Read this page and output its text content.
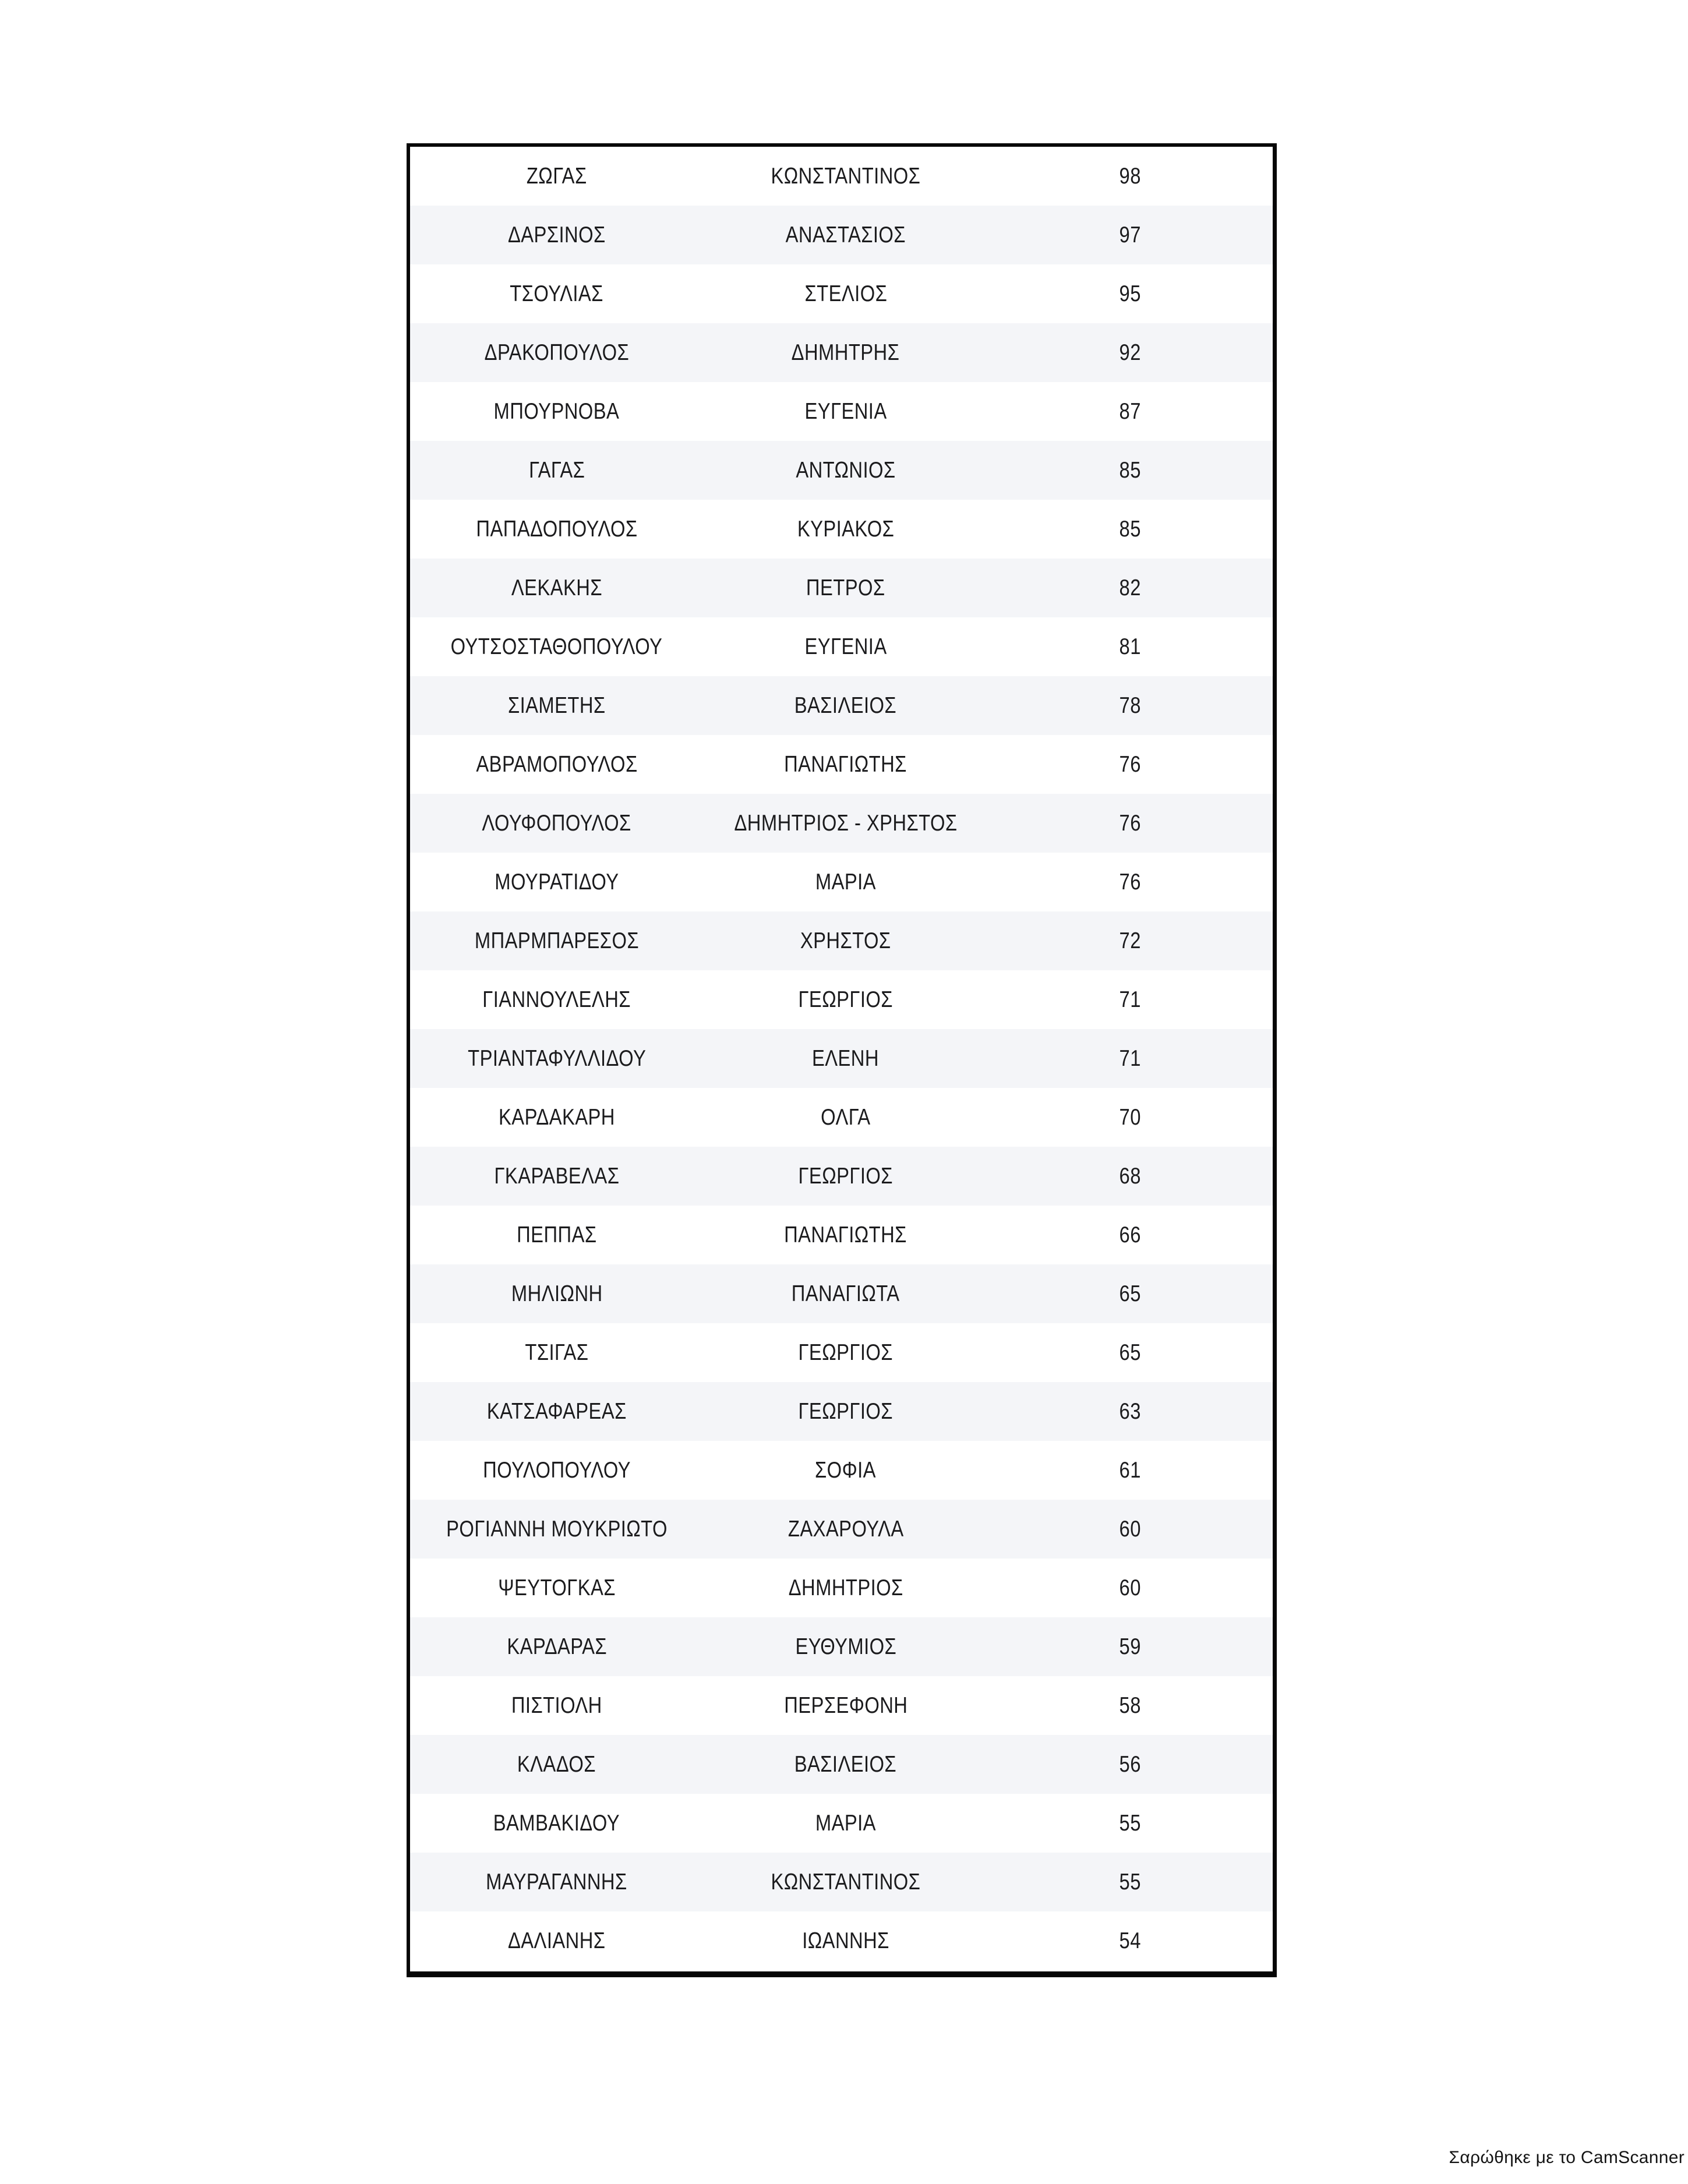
ΖΩΓΑΣ	ΚΩΝΣΤΑΝΤΙΝΟΣ	98
ΔΑΡΣΙΝΟΣ	ΑΝΑΣΤΑΣΙΟΣ	97
ΤΣΟΥΛΙΑΣ	ΣΤΕΛΙΟΣ	95
ΔΡΑΚΟΠΟΥΛΟΣ	ΔΗΜΗΤΡΗΣ	92
ΜΠΟΥΡΝΟΒΑ	ΕΥΓΕΝΙΑ	87
ΓΑΓΑΣ	ΑΝΤΩΝΙΟΣ	85
ΠΑΠΑΔΟΠΟΥΛΟΣ	ΚΥΡΙΑΚΟΣ	85
ΛΕΚΑΚΗΣ	ΠΕΤΡΟΣ	82
ΟΥΤΣΟΣΤΑΘΟΠΟΥΛΟΥ	ΕΥΓΕΝΙΑ	81
ΣΙΑΜΕΤΗΣ	ΒΑΣΙΛΕΙΟΣ	78
ΑΒΡΑΜΟΠΟΥΛΟΣ	ΠΑΝΑΓΙΩΤΗΣ	76
ΛΟΥΦΟΠΟΥΛΟΣ	ΔΗΜΗΤΡΙΟΣ - ΧΡΗΣΤΟΣ	76
ΜΟΥΡΑΤΙΔΟΥ	ΜΑΡΙΑ	76
ΜΠΑΡΜΠΑΡΕΣΟΣ	ΧΡΗΣΤΟΣ	72
ΓΙΑΝΝΟΥΛΕΛΗΣ	ΓΕΩΡΓΙΟΣ	71
ΤΡΙΑΝΤΑΦΥΛΛΙΔΟΥ	ΕΛΕΝΗ	71
ΚΑΡΔΑΚΑΡΗ	ΟΛΓΑ	70
ΓΚΑΡΑΒΕΛΑΣ	ΓΕΩΡΓΙΟΣ	68
ΠΕΠΠΑΣ	ΠΑΝΑΓΙΩΤΗΣ	66
ΜΗΛΙΩΝΗ	ΠΑΝΑΓΙΩΤΑ	65
ΤΣΙΓΑΣ	ΓΕΩΡΓΙΟΣ	65
ΚΑΤΣΑΦΑΡΕΑΣ	ΓΕΩΡΓΙΟΣ	63
ΠΟΥΛΟΠΟΥΛΟΥ	ΣΟΦΙΑ	61
ΡΟΓΙΑΝΝΗ ΜΟΥΚΡΙΩΤΟ	ΖΑΧΑΡΟΥΛΑ	60
ΨΕΥΤΟΓΚΑΣ	ΔΗΜΗΤΡΙΟΣ	60
ΚΑΡΔΑΡΑΣ	ΕΥΘΥΜΙΟΣ	59
ΠΙΣΤΙΟΛΗ	ΠΕΡΣΕΦΟΝΗ	58
ΚΛΑΔΟΣ	ΒΑΣΙΛΕΙΟΣ	56
ΒΑΜΒΑΚΙΔΟΥ	ΜΑΡΙΑ	55
ΜΑΥΡΑΓΑΝΝΗΣ	ΚΩΝΣΤΑΝΤΙΝΟΣ	55
ΔΑΛΙΑΝΗΣ	ΙΩΑΝΝΗΣ	54
Σαρώθηκε με το CamScanner
